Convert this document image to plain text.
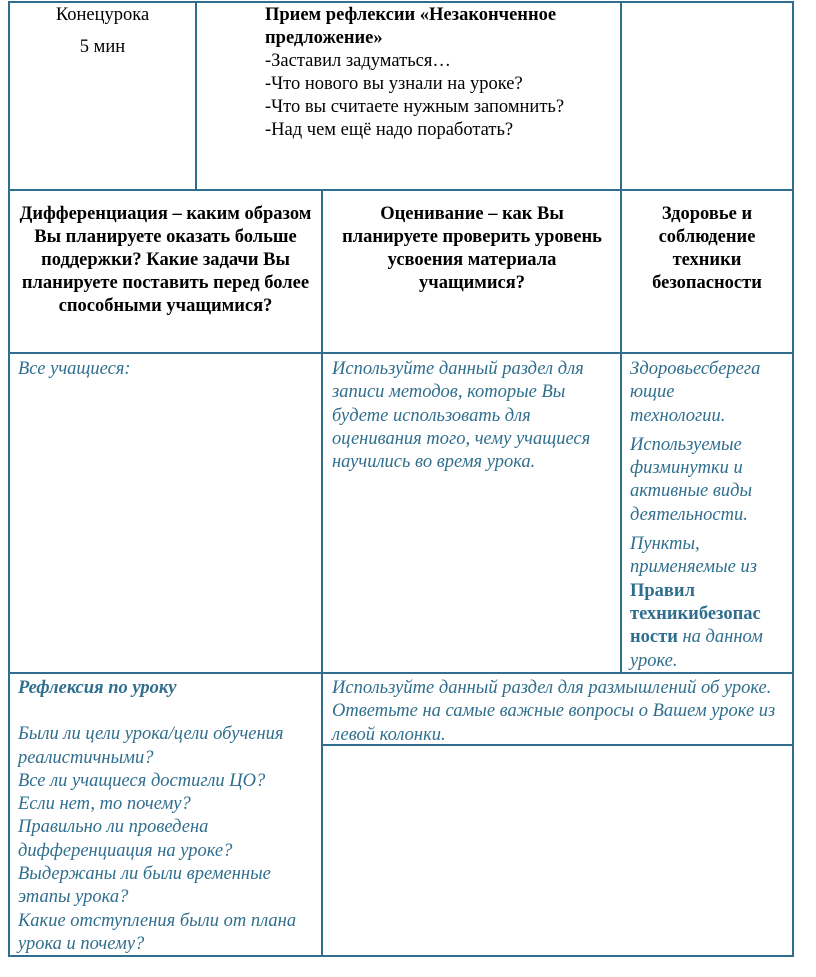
Конецурока

5 мин

Прием рефлексии «Незаконченное предложение»

-Заставил задуматься…

-Что нового вы узнали на уроке?

-Что вы считаете нужным запомнить?

-Над чем ещё надо поработать?

Дифференциация – каким образом Вы планируете оказать больше поддержки? Какие задачи Вы планируете поставить перед более способными учащимися?

Оценивание – как Вы планируете проверить уровень усвоения материала учащимися?

Здоровье и

соблюдение

техники

безопасности

Все учащиеся:	Используйте данный раздел для записи методов, которые Вы будете использовать для оценивания того, чему учащиеся научились во время урока.

Здоровьесберега

ющие

технологии.

Используемые физминутки и активные виды деятельности.

Пункты, применяемые из Правил
техникибезопас
ности на данном уроке.

Рефлексия по уроку

Были ли цели урока/цели обучения реалистичными?

Все ли учащиеся достигли ЦО?

Если нет, то почему?

Правильно ли проведена дифференциация на уроке?

Выдержаны ли были временные этапы урока?

Какие отступления были от плана урока и почему?

Используйте данный раздел для размышлений об уроке. Ответьте на самые важные вопросы о Вашем уроке из левой колонки.
